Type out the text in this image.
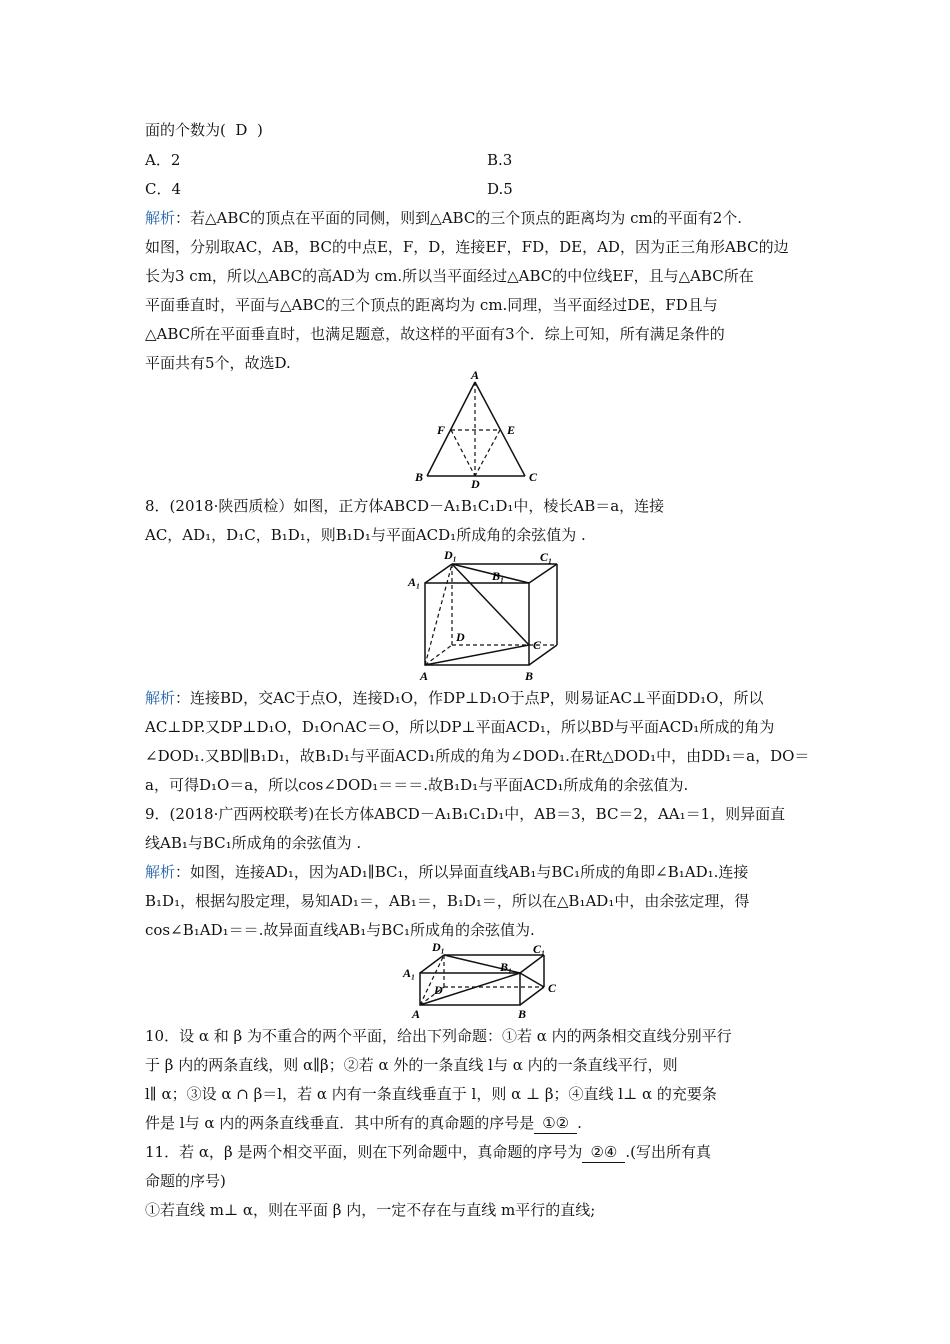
面的个数为( D )
A．2	B.3
C．4	D.5
解析：若△ABC的顶点在平面的同侧，则到△ABC的三个顶点的距离均为 cm的平面有2个.
如图，分别取AC，AB，BC的中点E，F，D，连接EF，FD，DE，AD，因为正三角形ABC的边
长为3 cm，所以△ABC的高AD为 cm.所以当平面经过△ABC的中位线EF，且与△ABC所在
平面垂直时，平面与△ABC的三个顶点的距离均为 cm.同理，当平面经过DE，FD且与
△ABC所在平面垂直时，也满足题意，故这样的平面有3个．综上可知，所有满足条件的
平面共有5个，故选D.
A
B	C
D
E
F
8．(2018·陕西质检）如图，正方体ABCD－A₁B₁C₁D₁中，棱长AB＝a，连接
AC，AD₁，D₁C，B₁D₁，则B₁D₁与平面ACD₁所成角的余弦值为 .
D₁	C₁
A₁	B₁
D
C
A	B
解析：连接BD，交AC于点O，连接D₁O，作DP⊥D₁O于点P，则易证AC⊥平面DD₁O，所以
AC⊥DP.又DP⊥D₁O，D₁O∩AC＝O，所以DP⊥平面ACD₁，所以BD与平面ACD₁所成的角为
∠DOD₁.又BD∥B₁D₁，故B₁D₁与平面ACD₁所成的角为∠DOD₁.在Rt△DOD₁中，由DD₁＝a，DO＝
a，可得D₁O＝a，所以cos∠DOD₁＝＝＝.故B₁D₁与平面ACD₁所成角的余弦值为.
9．(2018·广西两校联考)在长方体ABCD－A₁B₁C₁D₁中，AB＝3，BC＝2，AA₁＝1，则异面直
线AB₁与BC₁所成角的余弦值为 .
解析：如图，连接AD₁，因为AD₁∥BC₁，所以异面直线AB₁与BC₁所成的角即∠B₁AD₁.连接
B₁D₁，根据勾股定理，易知AD₁＝，AB₁＝，B₁D₁＝，所以在△B₁AD₁中，由余弦定理，得
cos∠B₁AD₁＝＝.故异面直线AB₁与BC₁所成角的余弦值为.
D₁	C₁
A₁	B₁
D	C
A	B
10．设 α 和 β 为不重合的两个平面，给出下列命题：①若 α 内的两条相交直线分别平行
于 β 内的两条直线，则 α∥β；②若 α 外的一条直线 l与 α 内的一条直线平行，则
l∥ α；③设 α ∩ β＝l，若 α 内有一条直线垂直于 l，则 α ⊥ β；④直线 l⊥ α 的充要条
件是 l与 α 内的两条直线垂直．其中所有的真命题的序号是 ①② .
11．若 α，β 是两个相交平面，则在下列命题中，真命题的序号为 ②④ .(写出所有真
命题的序号)
①若直线 m⊥ α，则在平面 β 内，一定不存在与直线 m平行的直线;
